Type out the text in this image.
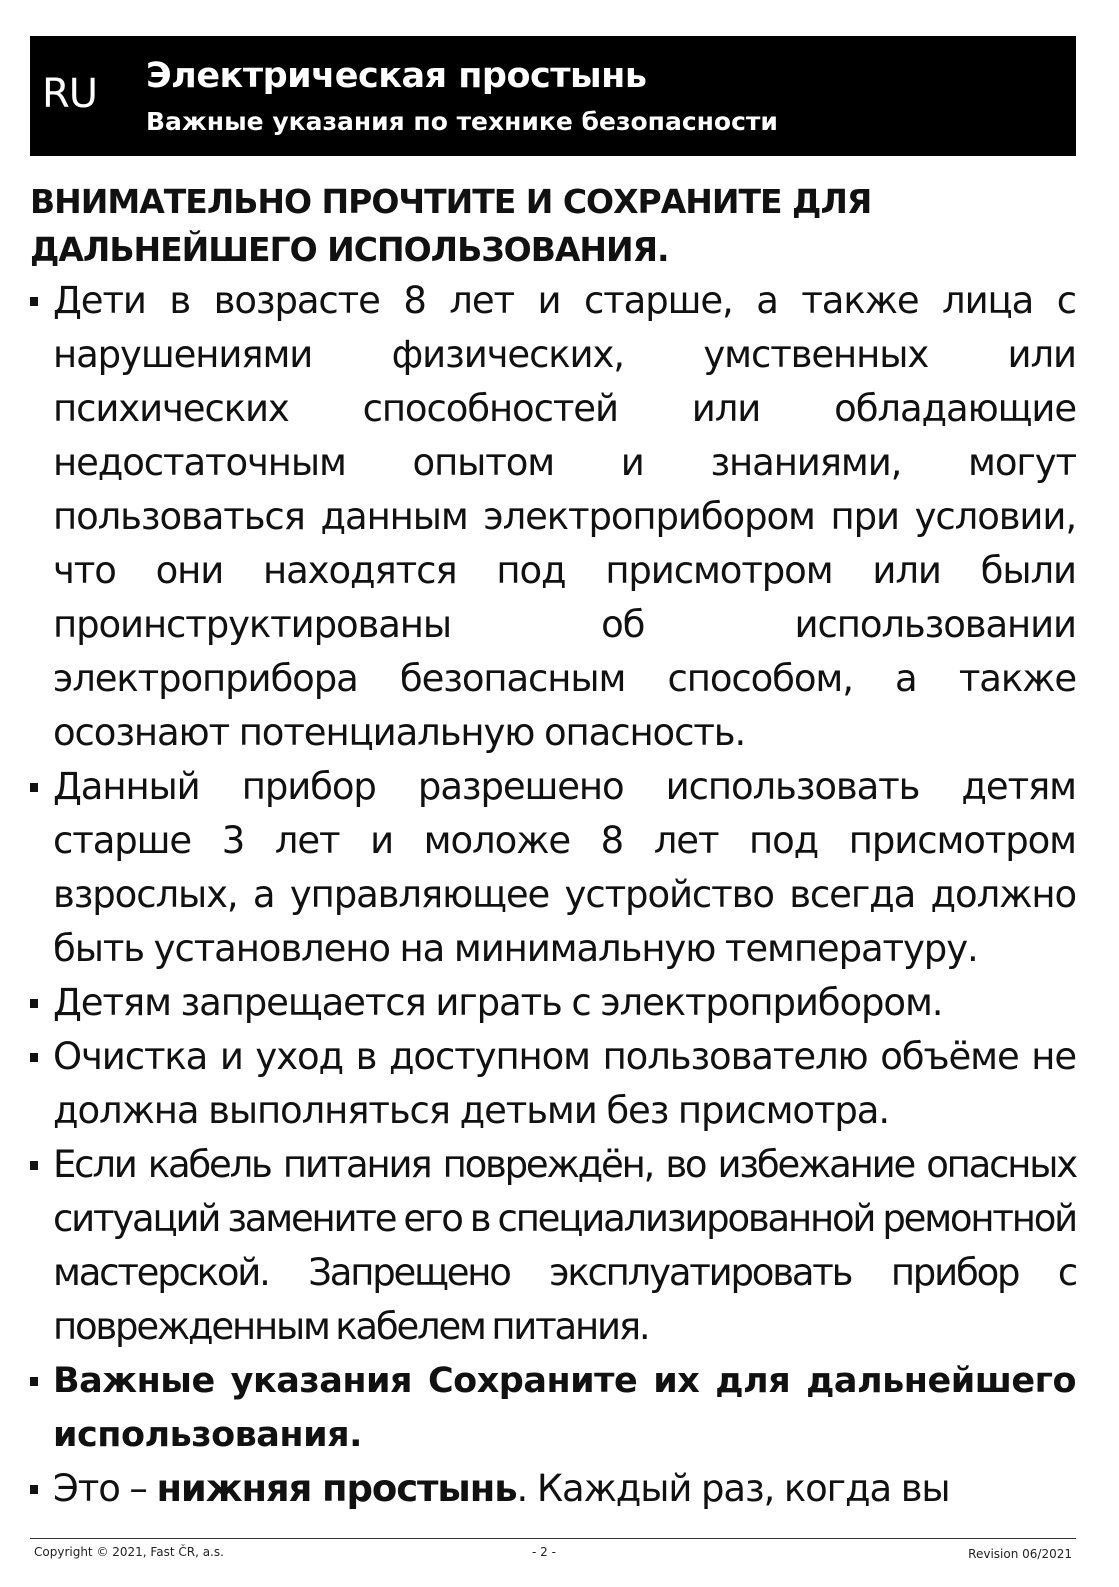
RU Электрическая простынь
Важные указания по технике безопасности
ВНИМАТЕЛЬНО ПРОЧТИТЕ И СОХРАНИТЕ ДЛЯ ДАЛЬНЕЙШЕГО ИСПОЛЬЗОВАНИЯ.
Дети в возрасте 8 лет и старше, а также лица с нарушениями физических, умственных или психических способностей или обладающие недостаточным опытом и знаниями, могут пользоваться данным электроприбором при условии, что они находятся под присмотром или были проинструктированы об использовании электроприбора безопасным способом, а также осознают потенциальную опасность.
Данный прибор разрешено использовать детям старше 3 лет и моложе 8 лет под присмотром взрослых, а управляющее устройство всегда должно быть установлено на минимальную температуру.
Детям запрещается играть с электроприбором.
Очистка и уход в доступном пользователю объёме не должна выполняться детьми без присмотра.
Если кабель питания повреждён, во избежание опасных ситуаций замените его в специализированной ремонтной мастерской. Запрещено эксплуатировать прибор с поврежденным кабелем питания.
Важные указания Сохраните их для дальнейшего использования.
Это – нижняя простынь. Каждый раз, когда вы
Copyright © 2021, Fast ČR, a.s.	- 2 -	Revision 06/2021
